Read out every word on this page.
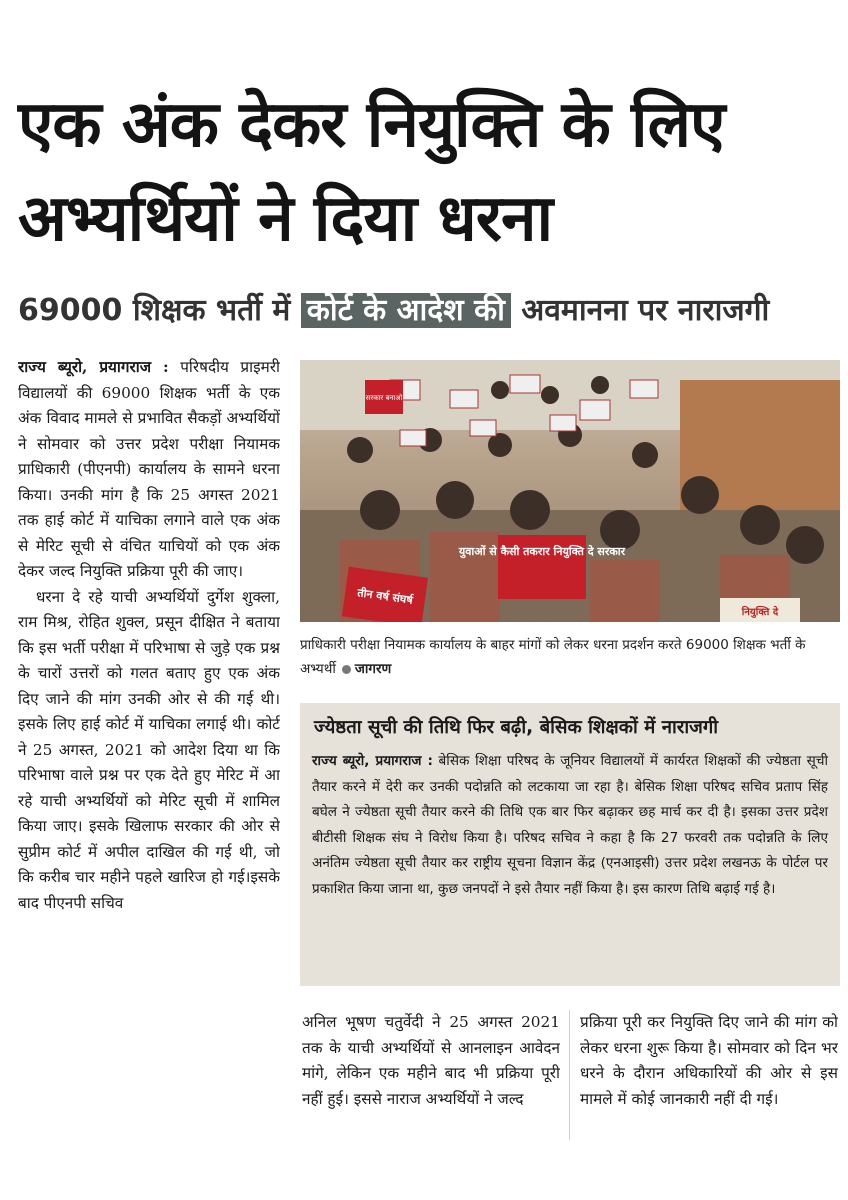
एक अंक देकर नियुक्ति के लिए अभ्यर्थियों ने दिया धरना
69000 शिक्षक भर्ती में कोर्ट के आदेश की अवमानना पर नाराजगी

राज्य ब्यूरो, प्रयागराज : परिषदीय प्राइमरी विद्यालयों की 69000 शिक्षक भर्ती के एक अंक विवाद मामले से प्रभावित सैकड़ों अभ्यर्थियों ने सोमवार को उत्तर प्रदेश परीक्षा नियामक प्राधिकारी (पीएनपी) कार्यालय के सामने धरना किया। उनकी मांग है कि 25 अगस्त 2021 तक हाई कोर्ट में याचिका लगाने वाले एक अंक से मेरिट सूची से वंचित याचियों को एक अंक देकर जल्द नियुक्ति प्रक्रिया पूरी की जाए।

धरना दे रहे याची अभ्यर्थियों दुर्गेश शुक्ला, राम मिश्र, रोहित शुक्ल, प्रसून दीक्षित ने बताया कि इस भर्ती परीक्षा में परिभाषा से जुड़े एक प्रश्न के चारों उत्तरों को गलत बताए हुए एक अंक दिए जाने की मांग उनकी ओर से की गई थी। इसके लिए हाई कोर्ट में याचिका लगाई थी। कोर्ट ने 25 अगस्त, 2021 को आदेश दिया था कि परिभाषा वाले प्रश्न पर एक देते हुए मेरिट में आ रहे याची अभ्यर्थियों को मेरिट सूची में शामिल किया जाए। इसके खिलाफ सरकार की ओर से सुप्रीम कोर्ट में अपील दाखिल की गई थी, जो कि करीब चार महीने पहले खारिज हो गई।इसके बाद पीएनपी सचिव

युवाओं से कैसी तकरार नियुक्ति दे सरकार
तीन वर्ष संघर्ष
नियुक्ति दे
सरकार बनाओ
प्राधिकारी परीक्षा नियामक कार्यालय के बाहर मांगों को लेकर धरना प्रदर्शन करते 69000 शिक्षक भर्ती के अभ्यर्थी जागरण
ज्येष्ठता सूची की तिथि फिर बढ़ी, बेसिक शिक्षकों में नाराजगी
राज्य ब्यूरो, प्रयागराज : बेसिक शिक्षा परिषद के जूनियर विद्यालयों में कार्यरत शिक्षकों की ज्येष्ठता सूची तैयार करने में देरी कर उनकी पदोन्नति को लटकाया जा रहा है। बेसिक शिक्षा परिषद सचिव प्रताप सिंह बघेल ने ज्येष्ठता सूची तैयार करने की तिथि एक बार फिर बढ़ाकर छह मार्च कर दी है। इसका उत्तर प्रदेश बीटीसी शिक्षक संघ ने विरोध किया है। परिषद सचिव ने कहा है कि 27 फरवरी तक पदोन्नति के लिए अनंतिम ज्येष्ठता सूची तैयार कर राष्ट्रीय सूचना विज्ञान केंद्र (एनआइसी) उत्तर प्रदेश लखनऊ के पोर्टल पर प्रकाशित किया जाना था, कुछ जनपदों ने इसे तैयार नहीं किया है। इस कारण तिथि बढ़ाई गई है।

अनिल भूषण चतुर्वेदी ने 25 अगस्त 2021 तक के याची अभ्यर्थियों से आनलाइन आवेदन मांगे, लेकिन एक महीने बाद भी प्रक्रिया पूरी नहीं हुई। इससे नाराज अभ्यर्थियों ने जल्द

प्रक्रिया पूरी कर नियुक्ति दिए जाने की मांग को लेकर धरना शुरू किया है। सोमवार को दिन भर धरने के दौरान अधिकारियों की ओर से इस मामले में कोई जानकारी नहीं दी गई।
